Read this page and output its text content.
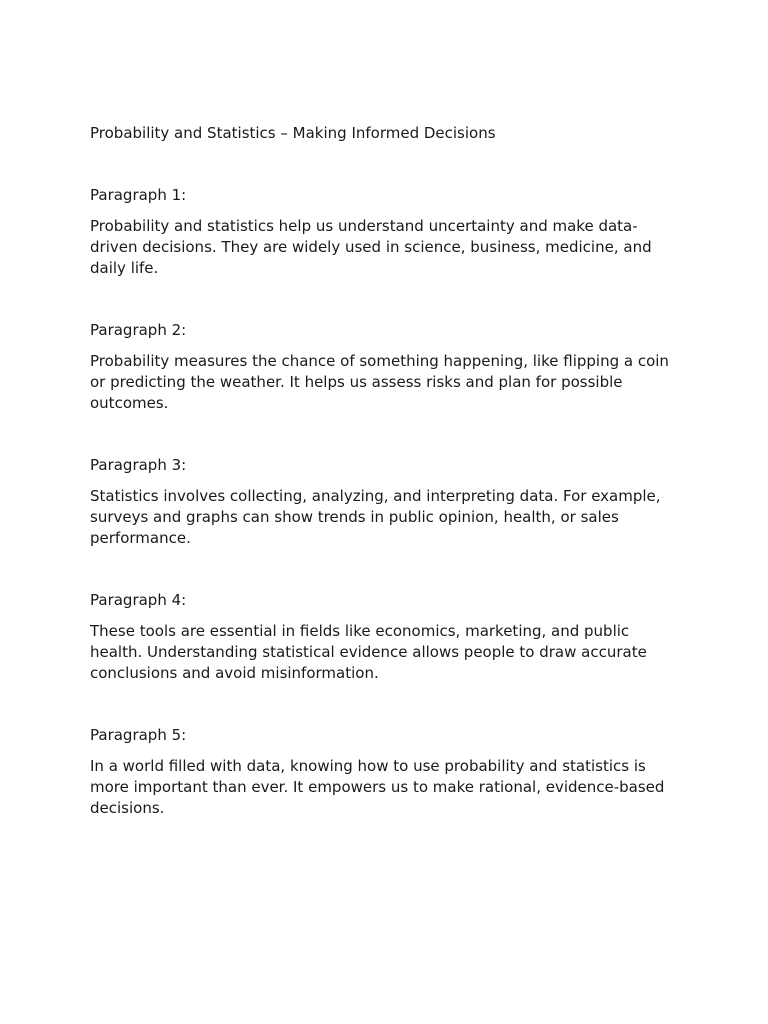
Probability and Statistics – Making Informed Decisions

Paragraph 1:

Probability and statistics help us understand uncertainty and make data-driven decisions. They are widely used in science, business, medicine, and daily life.

Paragraph 2:

Probability measures the chance of something happening, like flipping a coin or predicting the weather. It helps us assess risks and plan for possible outcomes.

Paragraph 3:

Statistics involves collecting, analyzing, and interpreting data. For example, surveys and graphs can show trends in public opinion, health, or sales performance.

Paragraph 4:

These tools are essential in fields like economics, marketing, and public health. Understanding statistical evidence allows people to draw accurate conclusions and avoid misinformation.

Paragraph 5:

In a world filled with data, knowing how to use probability and statistics is more important than ever. It empowers us to make rational, evidence-based decisions.
